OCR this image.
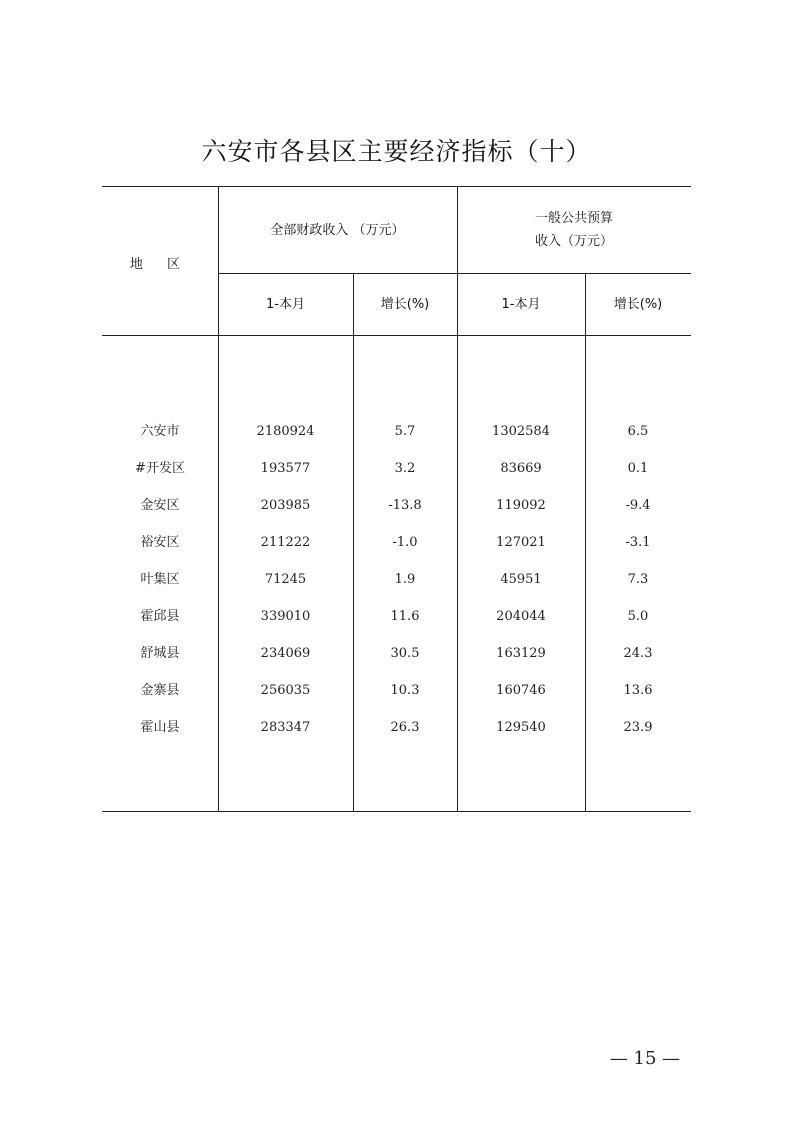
六安市各县区主要经济指标（十）
地 区
全部财政收入 （万元）
一般公共预算
收入（万元）
1-本月	增长(%)	1-本月	增长(%)
六安市	2180924	5.7	1302584	6.5
#开发区	193577	3.2	83669	0.1
金安区	203985	-13.8	119092	-9.4
裕安区	211222	-1.0	127021	-3.1
叶集区	71245	1.9	45951	7.3
霍邱县	339010	11.6	204044	5.0
舒城县	234069	30.5	163129	24.3
金寨县	256035	10.3	160746	13.6
霍山县	283347	26.3	129540	23.9
— 15 —
